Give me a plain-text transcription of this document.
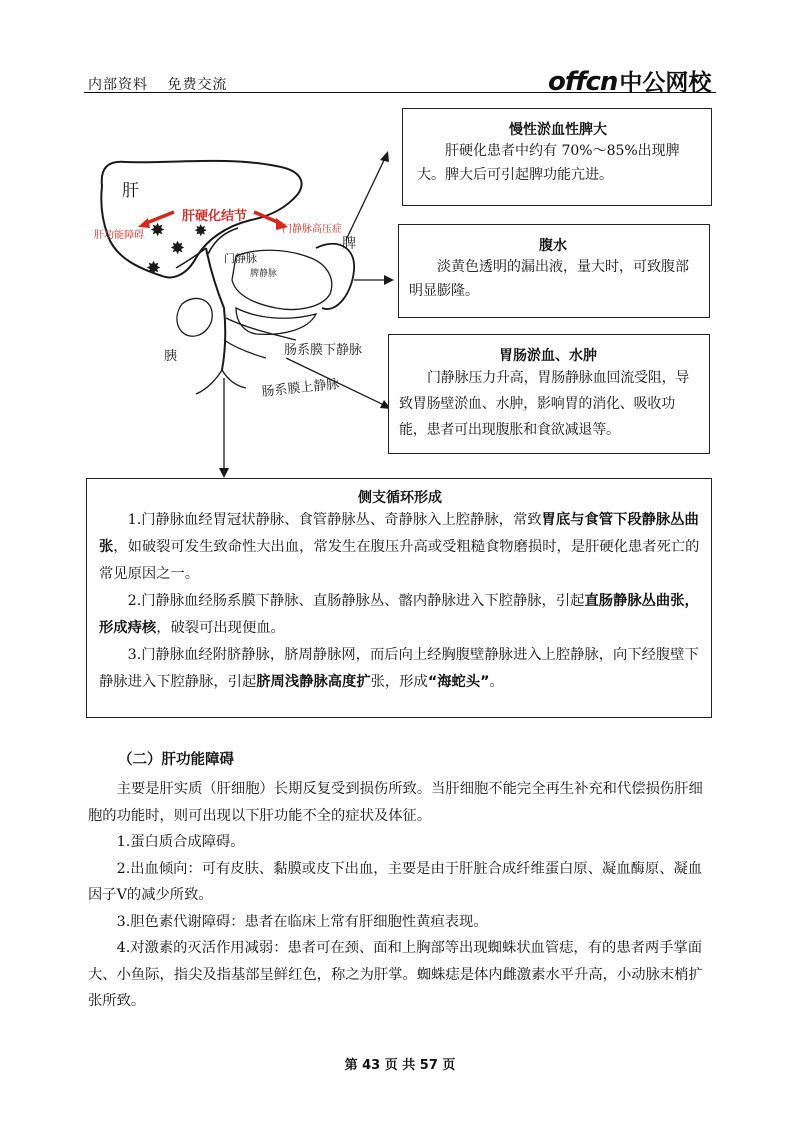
内部资料 免费交流	offcn 中公网校
✸
✸
✸
✸
肝
肝硬化结节
肝功能障碍
门静脉高压症
门静脉
脾
胰
脾静脉
肠系膜下静脉
肠系膜上静脉
慢性淤血性脾大

肝硬化患者中约有 70%～85%出现脾大。脾大后可引起脾功能亢进。

腹水

淡黄色透明的漏出液，量大时，可致腹部明显膨隆。

胃肠淤血、水肿

门静脉压力升高，胃肠静脉血回流受阻，导致胃肠壁淤血、水肿，影响胃的消化、吸收功能，患者可出现腹胀和食欲减退等。

侧支循环形成

1.门静脉血经胃冠状静脉、食管静脉丛、奇静脉入上腔静脉，常致胃底与食管下段静脉丛曲张，如破裂可发生致命性大出血，常发生在腹压升高或受粗糙食物磨损时，是肝硬化患者死亡的常见原因之一。

2.门静脉血经肠系膜下静脉、直肠静脉丛、髂内静脉进入下腔静脉，引起直肠静脉丛曲张，形成痔核，破裂可出现便血。

3.门静脉血经附脐静脉，脐周静脉网，而后向上经胸腹壁静脉进入上腔静脉，向下经腹壁下静脉进入下腔静脉，引起脐周浅静脉高度扩张，形成“海蛇头”。

（二）肝功能障碍

主要是肝实质（肝细胞）长期反复受到损伤所致。当肝细胞不能完全再生补充和代偿损伤肝细胞的功能时，则可出现以下肝功能不全的症状及体征。

1.蛋白质合成障碍。

2.出血倾向：可有皮肤、黏膜或皮下出血，主要是由于肝脏合成纤维蛋白原、凝血酶原、凝血因子Ⅴ的减少所致。

3.胆色素代谢障碍：患者在临床上常有肝细胞性黄疸表现。

4.对激素的灭活作用减弱：患者可在颈、面和上胸部等出现蜘蛛状血管痣，有的患者两手掌面大、小鱼际，指尖及指基部呈鲜红色，称之为肝掌。蜘蛛痣是体内雌激素水平升高，小动脉末梢扩张所致。

第 43 页 共 57 页
